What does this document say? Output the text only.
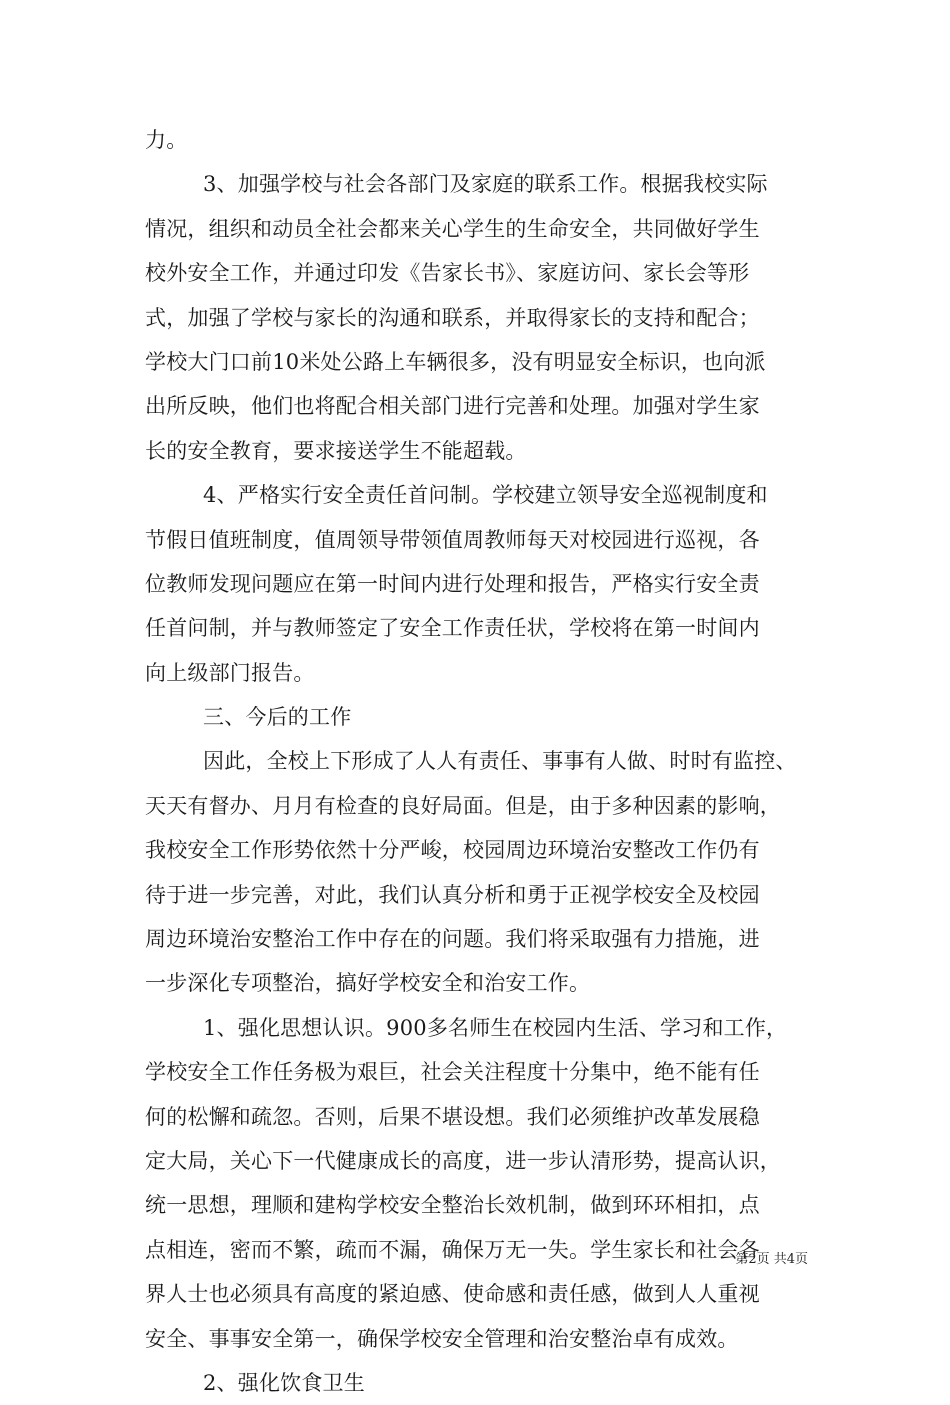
力。
3、加强学校与社会各部门及家庭的联系工作。根据我校实际
情况，组织和动员全社会都来关心学生的生命安全，共同做好学生
校外安全工作，并通过印发《告家长书》、家庭访问、家长会等形
式，加强了学校与家长的沟通和联系，并取得家长的支持和配合；
学校大门口前10米处公路上车辆很多，没有明显安全标识，也向派
出所反映，他们也将配合相关部门进行完善和处理。加强对学生家
长的安全教育，要求接送学生不能超载。
4、严格实行安全责任首问制。学校建立领导安全巡视制度和
节假日值班制度，值周领导带领值周教师每天对校园进行巡视，各
位教师发现问题应在第一时间内进行处理和报告，严格实行安全责
任首问制，并与教师签定了安全工作责任状，学校将在第一时间内
向上级部门报告。
三、今后的工作
因此，全校上下形成了人人有责任、事事有人做、时时有监控、
天天有督办、月月有检查的良好局面。但是，由于多种因素的影响，
我校安全工作形势依然十分严峻，校园周边环境治安整改工作仍有
待于进一步完善，对此，我们认真分析和勇于正视学校安全及校园
周边环境治安整治工作中存在的问题。我们将采取强有力措施，进
一步深化专项整治，搞好学校安全和治安工作。
1、强化思想认识。900多名师生在校园内生活、学习和工作，
学校安全工作任务极为艰巨，社会关注程度十分集中，绝不能有任
何的松懈和疏忽。否则，后果不堪设想。我们必须维护改革发展稳
定大局，关心下一代健康成长的高度，进一步认清形势，提高认识，
统一思想，理顺和建构学校安全整治长效机制，做到环环相扣，点
点相连，密而不繁，疏而不漏，确保万无一失。学生家长和社会各
界人士也必须具有高度的紧迫感、使命感和责任感，做到人人重视
安全、事事安全第一，确保学校安全管理和治安整治卓有成效。
2、强化饮食卫生
第2页 共4页
